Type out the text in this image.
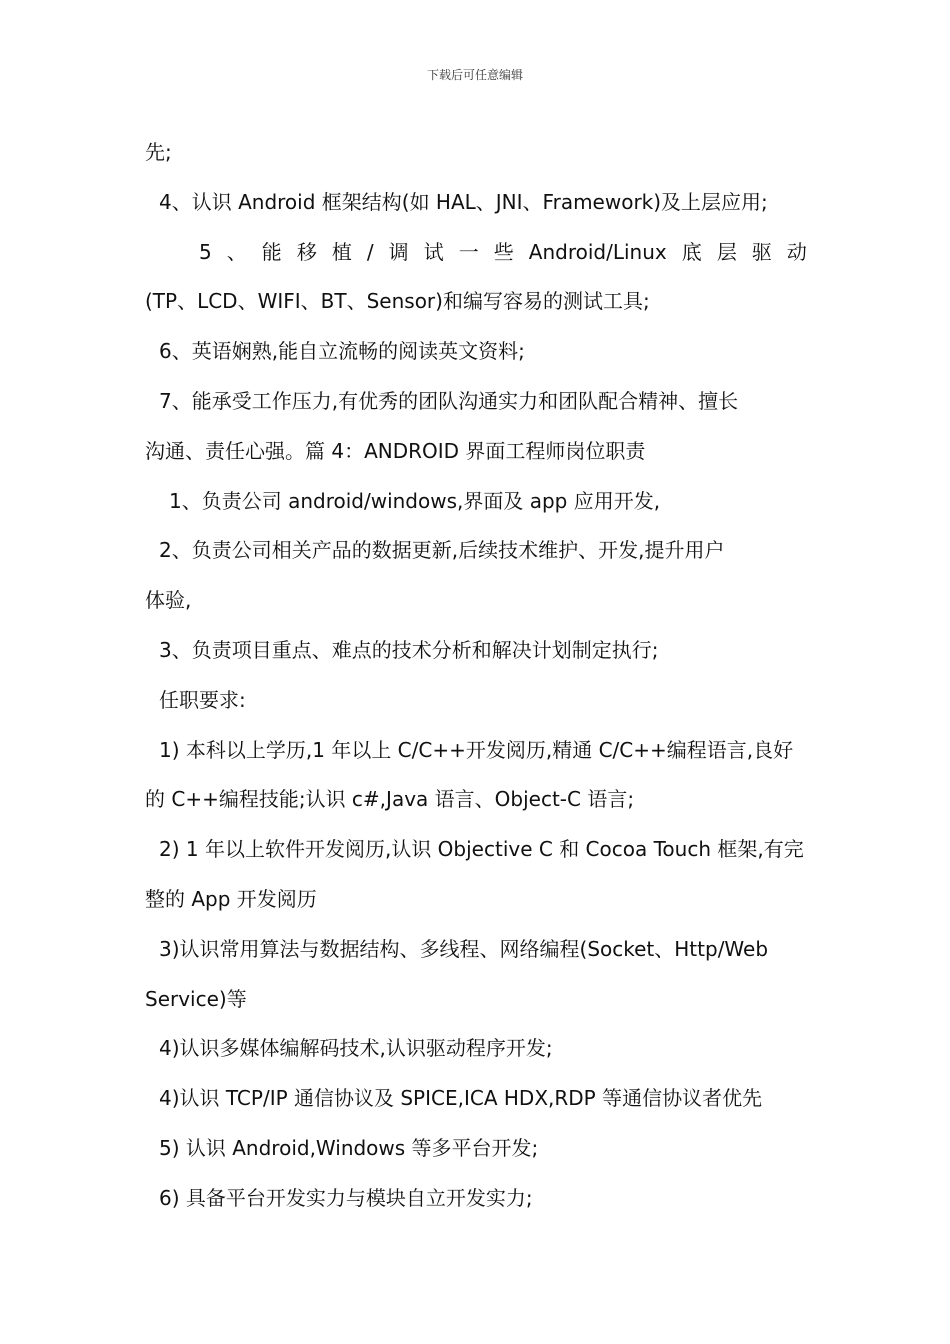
下载后可任意编辑
先;
4、认识 Android 框架结构(如 HAL、JNI、Framework)及上层应用;
5 、 能 移 植 / 调 试 一 些 Android/Linux 底 层 驱 动
(TP、LCD、WIFI、BT、Sensor)和编写容易的测试工具;
6、英语娴熟,能自立流畅的阅读英文资料;
7、能承受工作压力,有优秀的团队沟通实力和团队配合精神、擅长
沟通、责任心强。篇 4：ANDROID 界面工程师岗位职责
1、负责公司 android/windows,界面及 app 应用开发,
2、负责公司相关产品的数据更新,后续技术维护、开发,提升用户
体验,
3、负责项目重点、难点的技术分析和解决计划制定执行;
任职要求:
1) 本科以上学历,1 年以上 C/C++开发阅历,精通 C/C++编程语言,良好
的 C++编程技能;认识 c#,Java 语言、Object-C 语言;
2) 1 年以上软件开发阅历,认识 Objective C 和 Cocoa Touch 框架,有完
整的 App 开发阅历
3)认识常用算法与数据结构、多线程、网络编程(Socket、Http/Web
Service)等
4)认识多媒体编解码技术,认识驱动程序开发;
4)认识 TCP/IP 通信协议及 SPICE,ICA HDX,RDP 等通信协议者优先
5) 认识 Android,Windows 等多平台开发;
6) 具备平台开发实力与模块自立开发实力;
